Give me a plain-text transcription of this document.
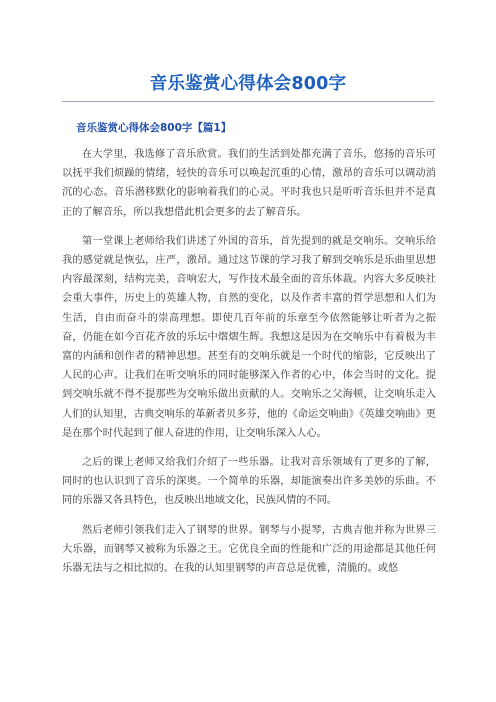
音乐鉴赏心得体会800字
音乐鉴赏心得体会800字【篇1】

在大学里，我选修了音乐欣赏。我们的生活到处都充满了音乐，悠扬的音乐可以抚平我们烦躁的情绪，轻快的音乐可以唤起沉重的心情，激昂的音乐可以调动消沉的心态。音乐潜移默化的影响着我们的心灵。平时我也只是听听音乐但并不是真正的了解音乐，所以我想借此机会更多的去了解音乐。

第一堂课上老师给我们讲述了外国的音乐，首先提到的就是交响乐。交响乐给我的感觉就是恢弘，庄严，激昂。通过这节课的学习我了解到交响乐是乐曲里思想内容最深刻，结构完美，音响宏大，写作技术最全面的音乐体裁。内容大多反映社会重大事件，历史上的英雄人物，自然的变化，以及作者丰富的哲学思想和人们为生活，自由而奋斗的崇高理想。即使几百年前的乐章至今依然能够让听者为之振奋，仍能在如今百花齐放的乐坛中熠熠生辉。我想这是因为在交响乐中有着极为丰富的内涵和创作者的精神思想。甚至有的交响乐就是一个时代的缩影，它反映出了人民的心声。让我们在听交响乐的同时能够深入作者的心中，体会当时的文化。提到交响乐就不得不提那些为交响乐做出贡献的人。交响乐之父海顿，让交响乐走入人们的认知里，古典交响乐的革新者贝多芬，他的《命运交响曲》《英雄交响曲》更是在那个时代起到了催人奋进的作用，让交响乐深入人心。

之后的课上老师又给我们介绍了一些乐器。让我对音乐领域有了更多的了解，同时的也认识到了音乐的深奥。一个简单的乐器，却能演奏出许多美妙的乐曲。不同的乐器又各具特色，也反映出地域文化，民族风情的不同。

然后老师引领我们走入了钢琴的世界。钢琴与小提琴，古典吉他并称为世界三大乐器，而钢琴又被称为乐器之王。它优良全面的性能和广泛的用途都是其他任何乐器无法与之相比拟的。在我的认知里钢琴的声音总是优雅，清脆的。或悠
